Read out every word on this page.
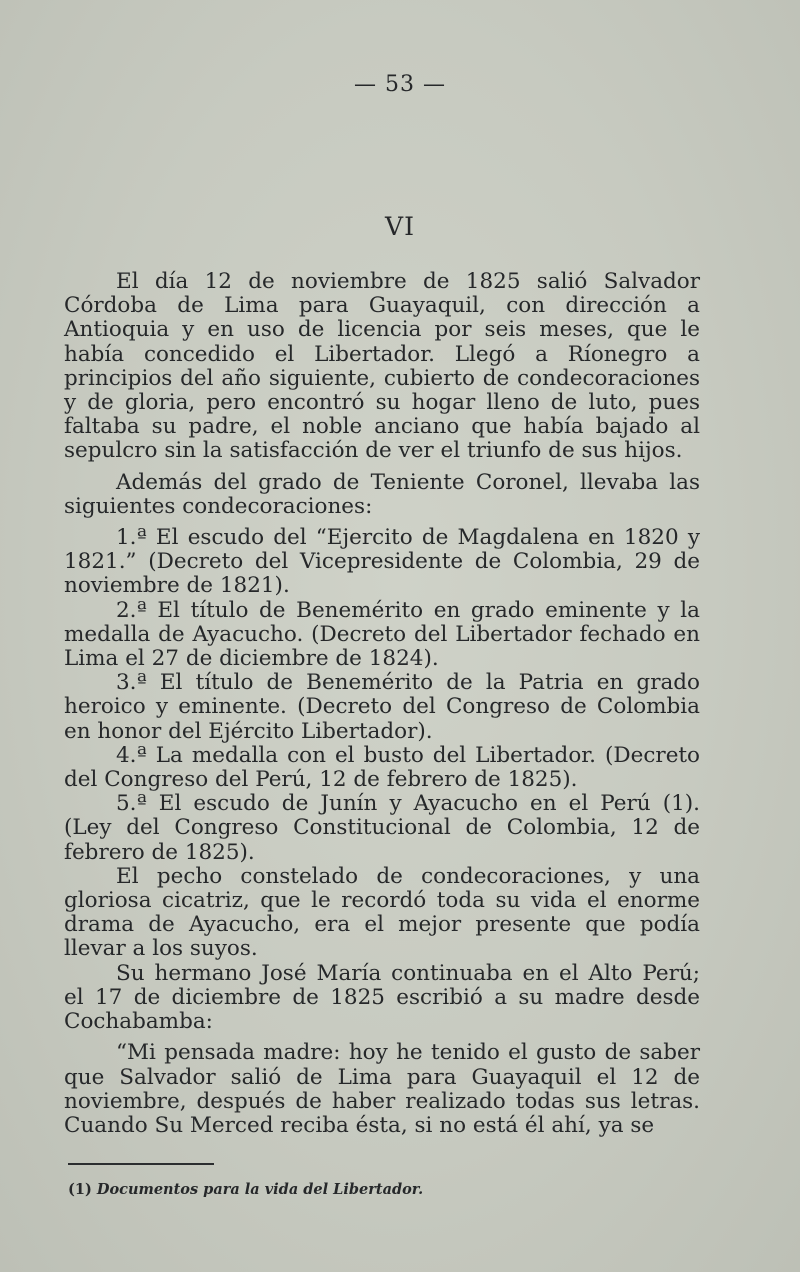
— 53 —
VI

El día 12 de noviembre de 1825 salió Salvador Córdoba de Lima para Guayaquil, con dirección a Antioquia y en uso de licencia por seis meses, que le había concedido el Libertador. Llegó a Ríonegro a principios del año siguiente, cubierto de condecoraciones y de gloria, pero encontró su hogar lleno de luto, pues faltaba su padre, el noble anciano que había bajado al sepulcro sin la satisfacción de ver el triunfo de sus hijos.

Además del grado de Teniente Coronel, llevaba las siguientes condecoraciones:

1.ª El escudo del “Ejercito de Magdalena en 1820 y 1821.” (Decreto del Vicepresidente de Colombia, 29 de noviembre de 1821).

2.ª El título de Benemérito en grado eminente y la medalla de Ayacucho. (Decreto del Libertador fechado en Lima el 27 de diciembre de 1824).

3.ª El título de Benemérito de la Patria en grado heroico y eminente. (Decreto del Congreso de Colombia en honor del Ejército Libertador).

4.ª La medalla con el busto del Libertador. (Decreto del Congreso del Perú, 12 de febrero de 1825).

5.ª El escudo de Junín y Ayacucho en el Perú (1). (Ley del Congreso Constitucional de Colombia, 12 de febrero de 1825).

El pecho constelado de condecoraciones, y una gloriosa cicatriz, que le recordó toda su vida el enorme drama de Ayacucho, era el mejor presente que podía llevar a los suyos.

Su hermano José María continuaba en el Alto Perú; el 17 de diciembre de 1825 escribió a su madre desde Cochabamba:

“Mi pensada madre: hoy he tenido el gusto de saber que Salvador salió de Lima para Guayaquil el 12 de noviembre, después de haber realizado todas sus letras. Cuando Su Merced reciba ésta, si no está él ahí, ya se

(1) Documentos para la vida del Libertador.
